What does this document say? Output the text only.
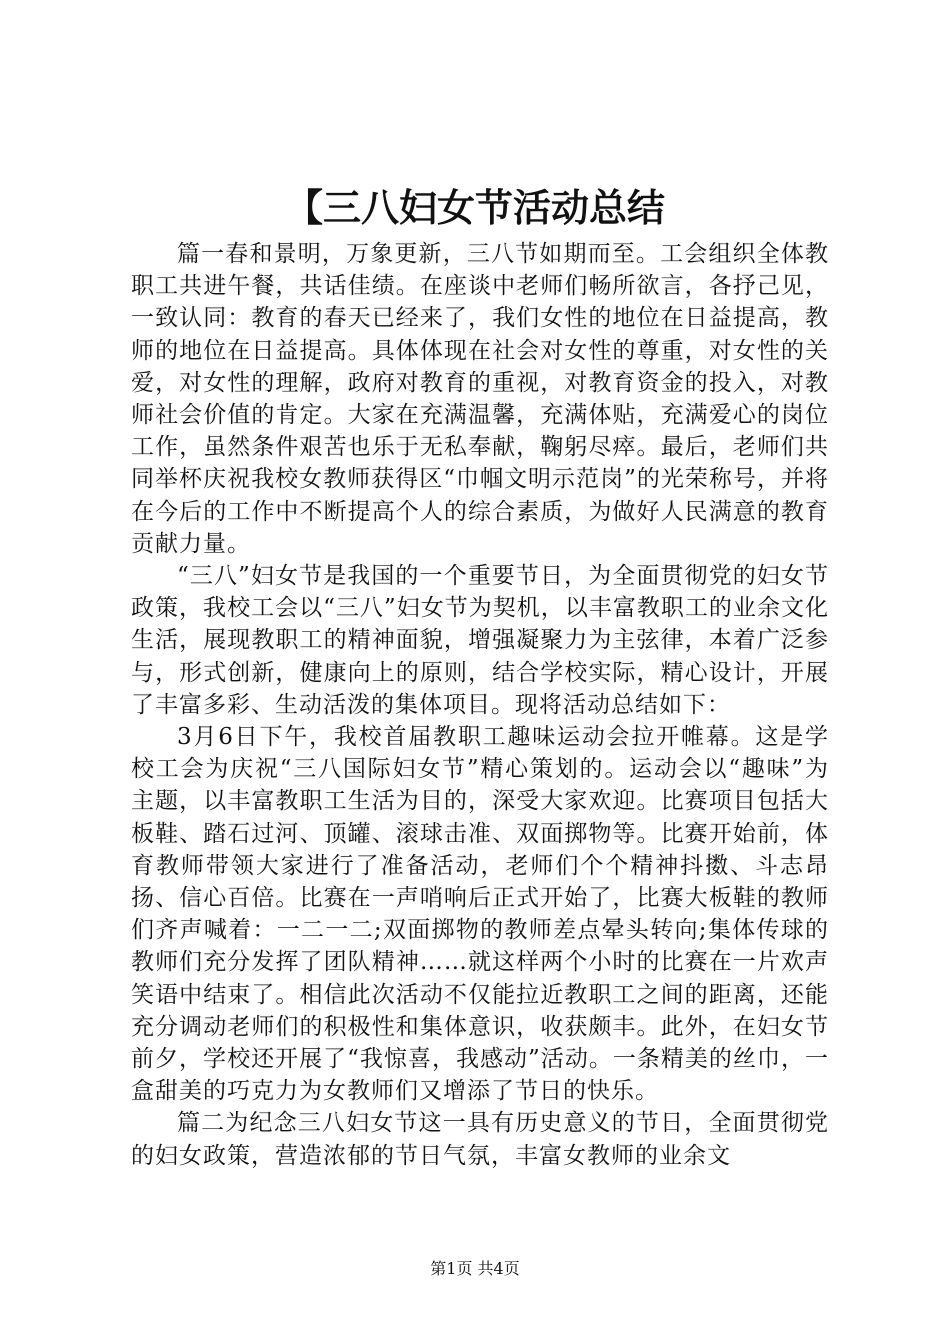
【三八妇女节活动总结

篇一春和景明，万象更新，三八节如期而至。工会组织全体教职工共进午餐，共话佳绩。在座谈中老师们畅所欲言，各抒己见，一致认同：教育的春天已经来了，我们女性的地位在日益提高，教师的地位在日益提高。具体体现在社会对女性的尊重，对女性的关爱，对女性的理解，政府对教育的重视，对教育资金的投入，对教师社会价值的肯定。大家在充满温馨，充满体贴，充满爱心的岗位工作，虽然条件艰苦也乐于无私奉献，鞠躬尽瘁。最后，老师们共同举杯庆祝我校女教师获得区“巾帼文明示范岗”的光荣称号，并将在今后的工作中不断提高个人的综合素质，为做好人民满意的教育贡献力量。

“三八”妇女节是我国的一个重要节日，为全面贯彻党的妇女节政策，我校工会以“三八”妇女节为契机，以丰富教职工的业余文化生活，展现教职工的精神面貌，增强凝聚力为主弦律，本着广泛参与，形式创新，健康向上的原则，结合学校实际，精心设计，开展了丰富多彩、生动活泼的集体项目。现将活动总结如下：

3月6日下午，我校首届教职工趣味运动会拉开帷幕。这是学校工会为庆祝“三八国际妇女节”精心策划的。运动会以“趣味”为主题，以丰富教职工生活为目的，深受大家欢迎。比赛项目包括大板鞋、踏石过河、顶罐、滚球击准、双面掷物等。比赛开始前，体育教师带领大家进行了准备活动，老师们个个精神抖擞、斗志昂扬、信心百倍。比赛在一声哨响后正式开始了，比赛大板鞋的教师们齐声喊着：一二一二;双面掷物的教师差点晕头转向;集体传球的教师们充分发挥了团队精神……就这样两个小时的比赛在一片欢声笑语中结束了。相信此次活动不仅能拉近教职工之间的距离，还能充分调动老师们的积极性和集体意识，收获颇丰。此外，在妇女节前夕，学校还开展了“我惊喜，我感动”活动。一条精美的丝巾，一盒甜美的巧克力为女教师们又增添了节日的快乐。

篇二为纪念三八妇女节这一具有历史意义的节日，全面贯彻党的妇女政策，营造浓郁的节日气氛，丰富女教师的业余文

第1页 共4页
